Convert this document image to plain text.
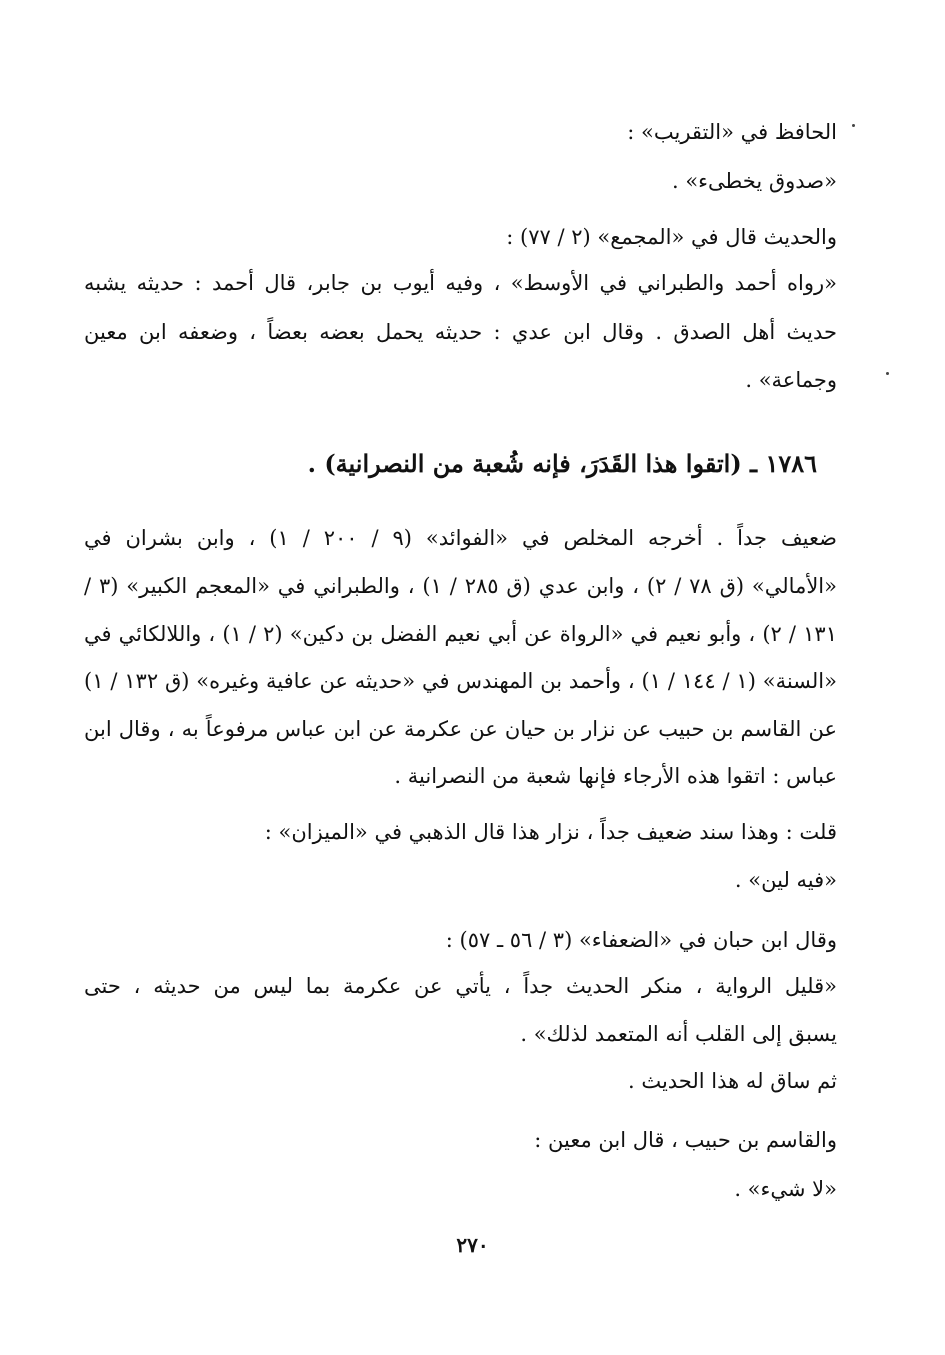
الحافظ في «التقريب» :
«صدوق يخطىء» .
والحديث قال في «المجمع» (٢ / ٧٧) :
«رواه أحمد والطبراني في الأوسط» ، وفيه أيوب بن جابر، قال أحمد : حديثه يشبه
حديث أهل الصدق . وقال ابن عدي : حديثه يحمل بعضه بعضاً ، وضعفه ابن معين
وجماعة» .
١٧٨٦ ـ (اتقوا هذا القَدَرَ، فإنه شُعبة من النصرانية) .
ضعيف جداً . أخرجه المخلص في «الفوائد» (٩ / ٢٠٠ / ١) ، وابن بشران في
«الأمالي» (ق ٧٨ / ٢) ، وابن عدي (ق ٢٨٥ / ١) ، والطبراني في «المعجم الكبير» (٣ /
١٣١ / ٢) ، وأبو نعيم في «الرواة عن أبي نعيم الفضل بن دكين» (٢ / ١) ، واللالكائي في
«السنة» (١ / ١٤٤ / ١) ، وأحمد بن المهندس في «حديثه عن عافية وغيره» (ق ١٣٢ / ١)
عن القاسم بن حبيب عن نزار بن حيان عن عكرمة عن ابن عباس مرفوعاً به ، وقال ابن
عباس : اتقوا هذه الأرجاء فإنها شعبة من النصرانية .
قلت : وهذا سند ضعيف جداً ، نزار هذا قال الذهبي في «الميزان» :
«فيه لين» .
وقال ابن حبان في «الضعفاء» (٣ / ٥٦ ـ ٥٧) :
«قليل الرواية ، منكر الحديث جداً ، يأتي عن عكرمة بما ليس من حديثه ، حتى
يسبق إلى القلب أنه المتعمد لذلك» .
ثم ساق له هذا الحديث .
والقاسم بن حبيب ، قال ابن معين :
«لا شيء» .
٢٧٠
